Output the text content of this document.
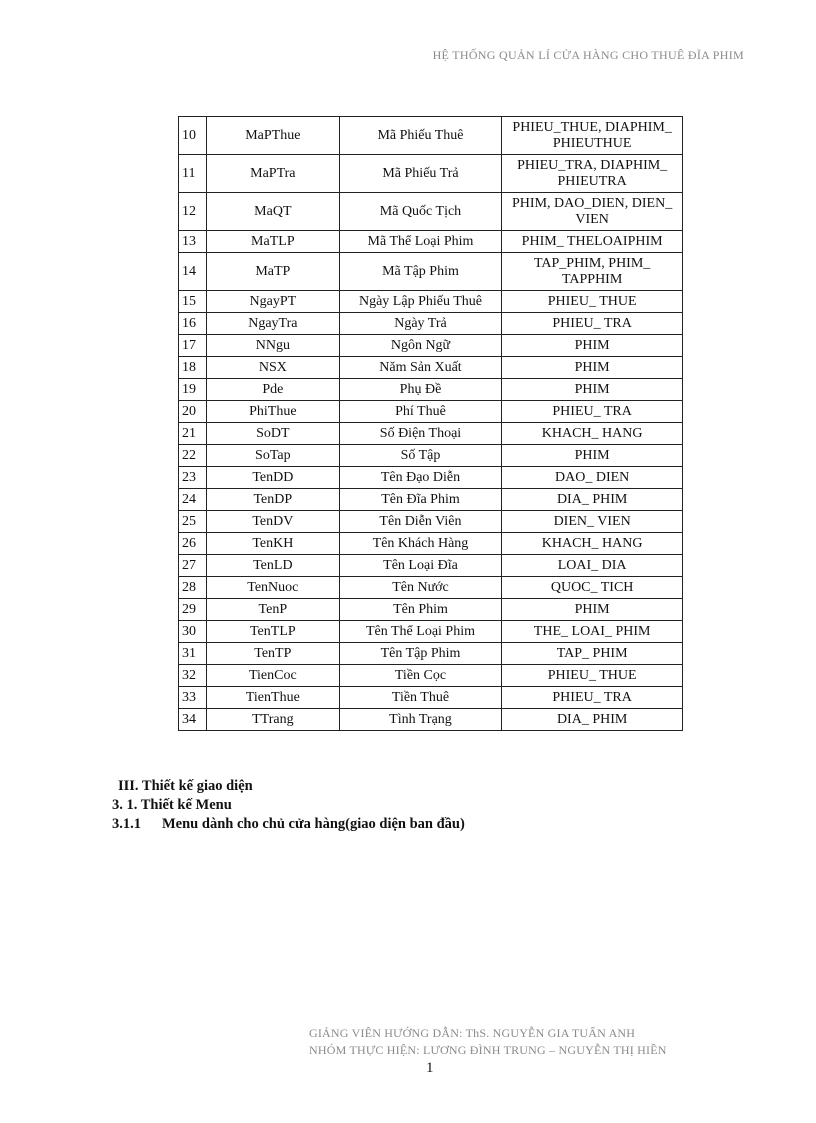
HỆ THỐNG QUẢN LÍ CỬA HÀNG CHO THUÊ ĐĨA PHIM
10	MaPThue	Mã Phiếu Thuê	PHIEU_THUE, DIAPHIM_ PHIEUTHUE
11	MaPTra	Mã Phiếu Trả	PHIEU_TRA, DIAPHIM_ PHIEUTRA
12	MaQT	Mã Quốc Tịch	PHIM, DAO_DIEN, DIEN_ VIEN
13	MaTLP	Mã Thể Loại Phim	PHIM_ THELOAIPHIM
14	MaTP	Mã Tập Phim	TAP_PHIM, PHIM_ TAPPHIM
15	NgayPT	Ngày Lập Phiếu Thuê	PHIEU_ THUE
16	NgayTra	Ngày Trả	PHIEU_ TRA
17	NNgu	Ngôn Ngữ	PHIM
18	NSX	Năm Sản Xuất	PHIM
19	Pde	Phụ Đề	PHIM
20	PhiThue	Phí Thuê	PHIEU_ TRA
21	SoDT	Số Điện Thoại	KHACH_ HANG
22	SoTap	Số Tập	PHIM
23	TenDD	Tên Đạo Diễn	DAO_ DIEN
24	TenDP	Tên Đĩa Phim	DIA_ PHIM
25	TenDV	Tên Diễn Viên	DIEN_ VIEN
26	TenKH	Tên Khách Hàng	KHACH_ HANG
27	TenLD	Tên Loại Đĩa	LOAI_ DIA
28	TenNuoc	Tên Nước	QUOC_ TICH
29	TenP	Tên Phim	PHIM
30	TenTLP	Tên Thể Loại Phim	THE_ LOAI_ PHIM
31	TenTP	Tên Tập Phim	TAP_ PHIM
32	TienCoc	Tiền Cọc	PHIEU_ THUE
33	TienThue	Tiền Thuê	PHIEU_ TRA
34	TTrang	Tình Trạng	DIA_ PHIM
III. Thiết kế giao diện
3. 1. Thiết kế Menu
3.1.1 Menu dành cho chủ cửa hàng(giao diện ban đầu)
GIẢNG VIÊN HƯỚNG DẪN: ThS. NGUYỄN GIA TUẤN ANH
NHÓM THỰC HIỆN: LƯƠNG ĐÌNH TRUNG – NGUYỄN THỊ HIỀN
1
